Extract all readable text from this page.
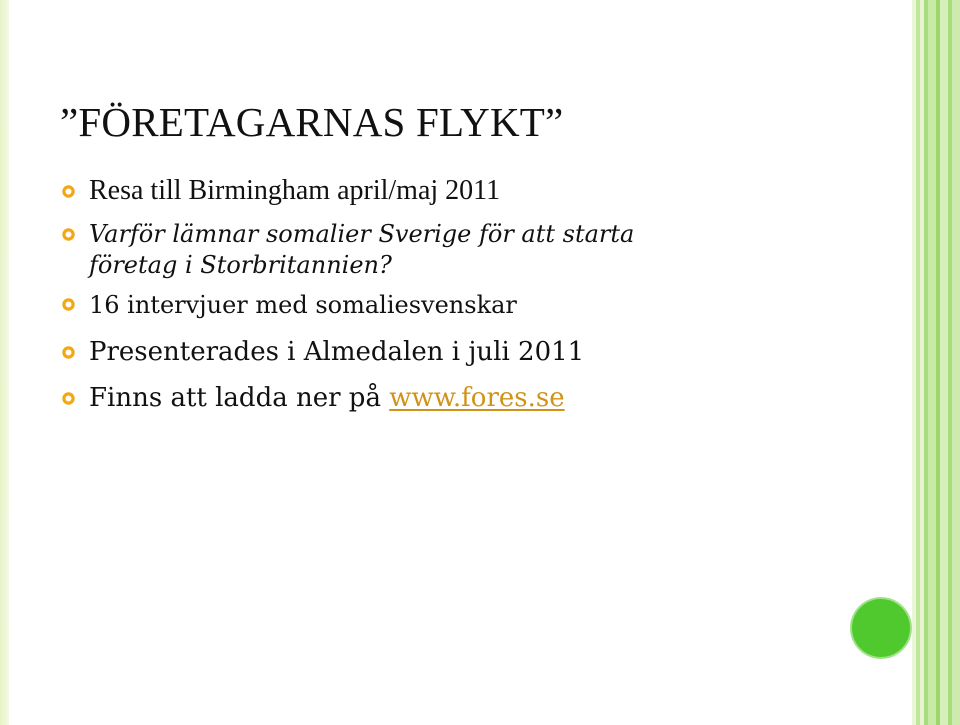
”FÖRETAGARNAS FLYKT”
Resa till Birmingham april/maj 2011
Varför lämnar somalier Sverige för att starta
företag i Storbritannien?
16 intervjuer med somaliesvenskar
Presenterades i Almedalen i juli 2011
Finns att ladda ner på www.fores.se
